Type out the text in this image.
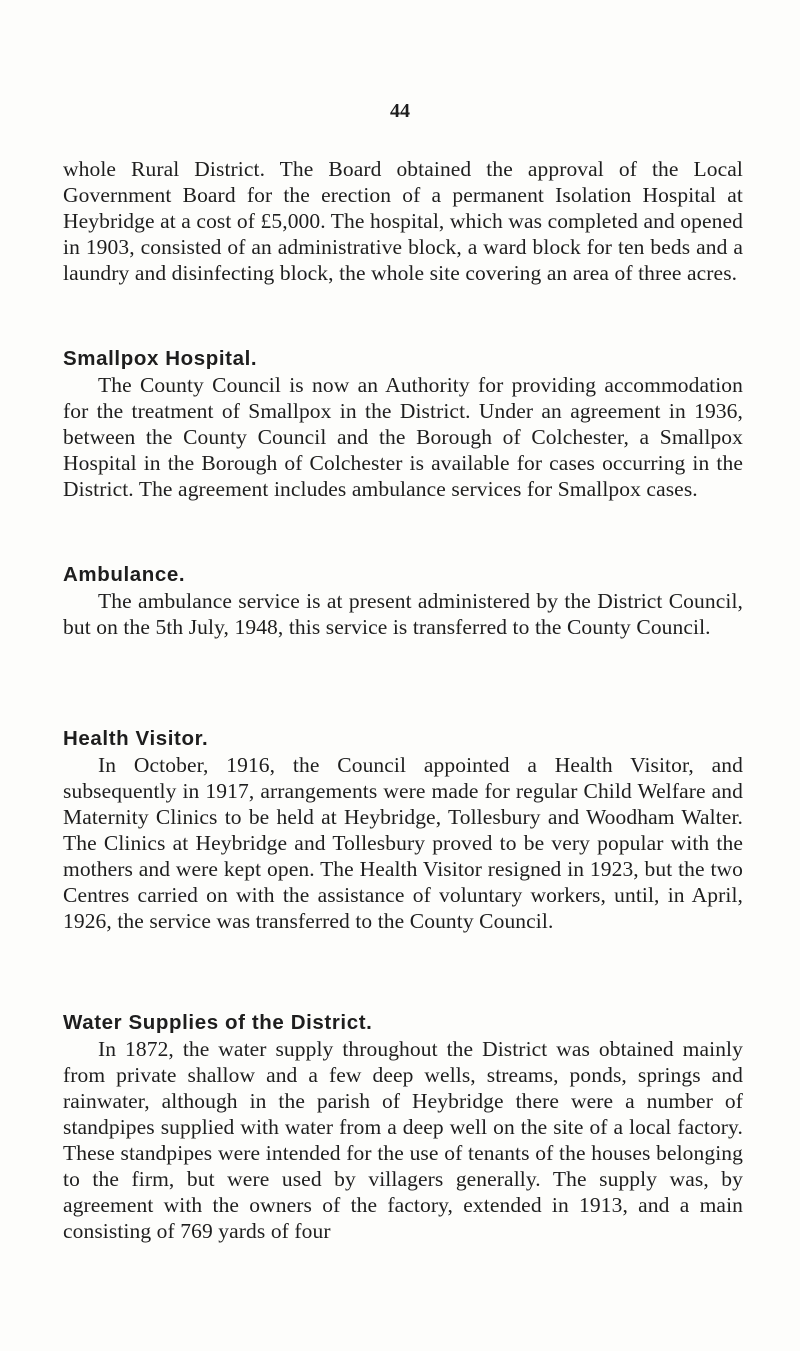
44
whole Rural District. The Board obtained the approval of the Local Government Board for the erection of a permanent Isolation Hospital at Heybridge at a cost of £5,000. The hospital, which was completed and opened in 1903, consisted of an administrative block, a ward block for ten beds and a laundry and disinfecting block, the whole site covering an area of three acres.
Smallpox Hospital.
The County Council is now an Authority for providing accommodation for the treatment of Smallpox in the District. Under an agreement in 1936, between the County Council and the Borough of Colchester, a Smallpox Hospital in the Borough of Colchester is available for cases occurring in the District. The agreement includes ambulance services for Smallpox cases.
Ambulance.
The ambulance service is at present administered by the District Council, but on the 5th July, 1948, this service is transferred to the County Council.
Health Visitor.
In October, 1916, the Council appointed a Health Visitor, and subsequently in 1917, arrangements were made for regular Child Welfare and Maternity Clinics to be held at Heybridge, Tollesbury and Woodham Walter. The Clinics at Heybridge and Tollesbury proved to be very popular with the mothers and were kept open. The Health Visitor resigned in 1923, but the two Centres carried on with the assistance of voluntary workers, until, in April, 1926, the service was transferred to the County Council.
Water Supplies of the District.
In 1872, the water supply throughout the District was obtained mainly from private shallow and a few deep wells, streams, ponds, springs and rainwater, although in the parish of Heybridge there were a number of standpipes supplied with water from a deep well on the site of a local factory. These standpipes were intended for the use of tenants of the houses belonging to the firm, but were used by villagers generally. The supply was, by agreement with the owners of the factory, extended in 1913, and a main consisting of 769 yards of four
